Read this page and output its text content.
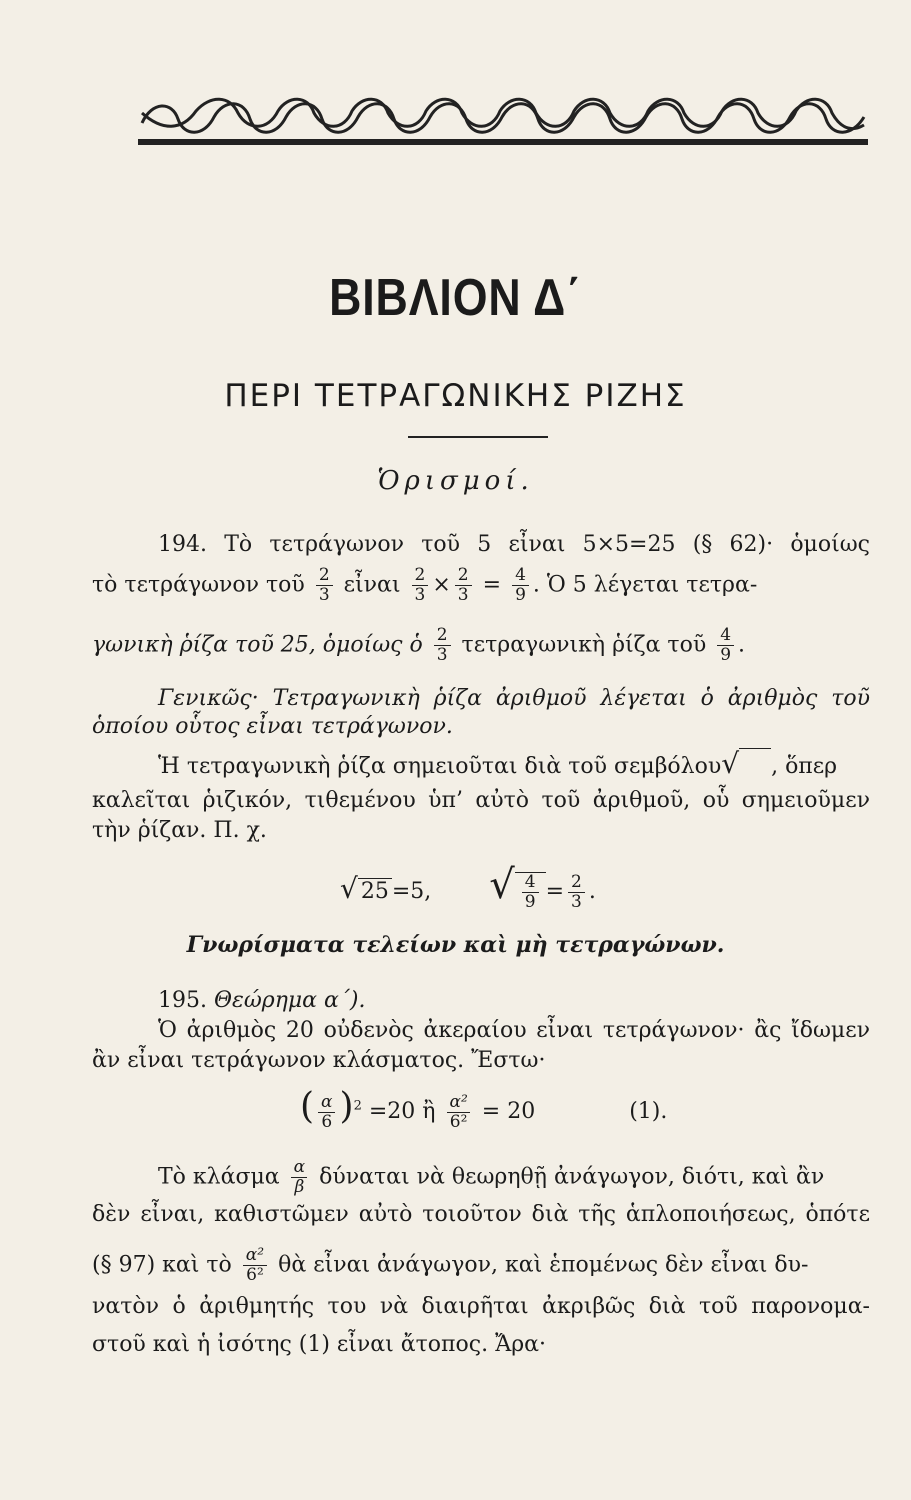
ΒΙΒΛΙΟΝ Δ΄
ΠΕΡΙ ΤΕΤΡΑΓΩΝΙΚΗΣ ΡΙΖΗΣ
Ὁρισμοί.
194. Τὸ τετράγωνον τοῦ 5 εἶναι 5×5=25 (§ 62)· ὁμοίως
τὸ τετράγωνον τοῦ $\frac{2}{3}$ εἶναι $\frac{2}{3} \times \frac{2}{3} = \frac{4}{9}$ . Ὁ 5 λέγεται τετρα-
γωνικὴ ῥίζα τοῦ 25, ὁμοίως ὁ $\frac{2}{3}$ τετραγωνικὴ ῥίζα τοῦ $\frac{4}{9}$ .
Γενικῶς· Τετραγωνικὴ ῥίζα ἀριθμοῦ λέγεται ὁ ἀριθμὸς τοῦ
ὁποίου οὗτος εἶναι τετράγωνον.
Ἡ τετραγωνικὴ ῥίζα σημειοῦται διὰ τοῦ σεμβόλου√ , ὅπερ
καλεῖται ῥιζικόν, τιθεμένου ὑπ’ αὐτὸ τοῦ ἀριθμοῦ, οὗ σημειοῦμεν
τὴν ῥίζαν. Π. χ.
√ 25 =5, √ $\frac{4}{9} = \frac{2}{3}$ .
Γνωρίσματα τελείων καὶ μὴ τετραγώνων.
195. Θεώρημα α΄).
Ὁ ἀριθμὸς 20 οὐδενὸς ἀκεραίου εἶναι τετράγωνον· ἂς ἴδωμεν
ἂν εἶναι τετράγωνον κλάσματος. Ἔστω·
( $\frac{\alpha}{6} )^2 =20$ ἢ $\frac{\text{α²}}{\text{6²}} = 20$	(1).
Τὸ κλάσμα $\frac{\alpha}{\beta}$ δύναται νὰ θεωρηθῇ ἀνάγωγον, διότι, καὶ ἂν
δὲν εἶναι, καθιστῶμεν αὐτὸ τοιοῦτον διὰ τῆς ἁπλοποιήσεως, ὁπότε
(§ 97) καὶ τὸ $\frac{\text{α²}}{\text{6²}}$ θὰ εἶναι ἀνάγωγον, καὶ ἑπομένως δὲν εἶναι δυ-
νατὸν ὁ ἀριθμητής του νὰ διαιρῆται ἀκριβῶς διὰ τοῦ παρονομα-
στοῦ καὶ ἡ ἰσότης (1) εἶναι ἄτοπος. Ἄρα·
